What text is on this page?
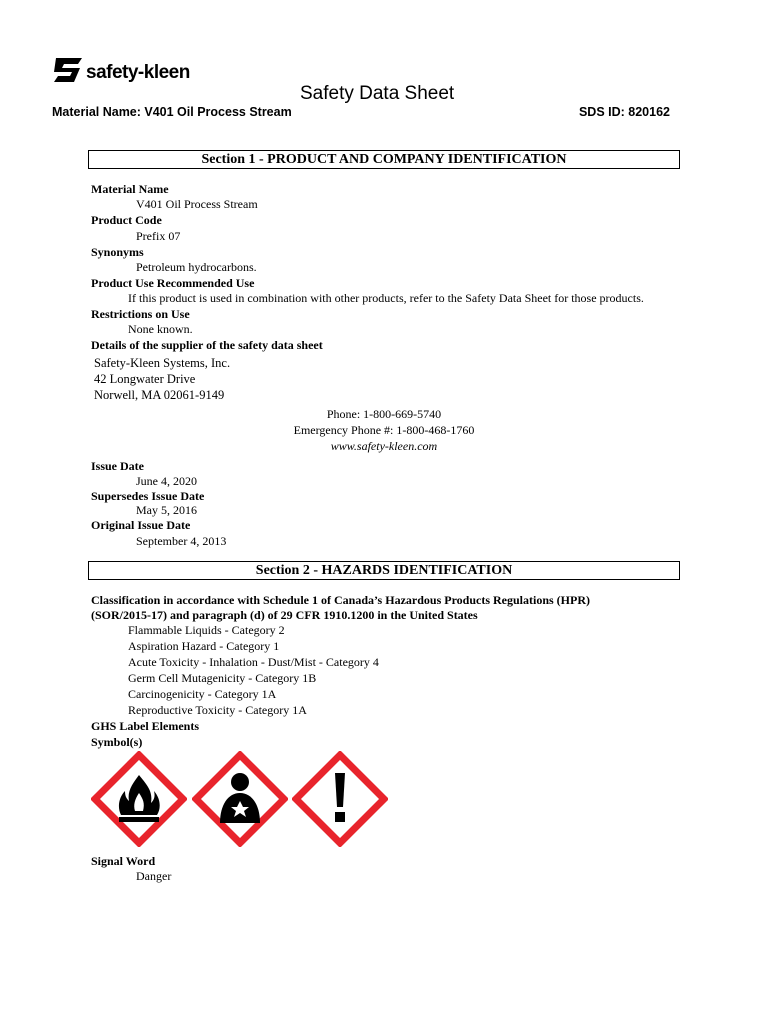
safety-kleen
Safety Data Sheet
Material Name: V401 Oil Process Stream	SDS ID: 820162
Section 1 - PRODUCT AND COMPANY IDENTIFICATION
Material Name
V401 Oil Process Stream
Product Code
Prefix 07
Synonyms
Petroleum hydrocarbons.
Product Use Recommended Use
If this product is used in combination with other products, refer to the Safety Data Sheet for those products.
Restrictions on Use
None known.
Details of the supplier of the safety data sheet
Safety-Kleen Systems, Inc.
42 Longwater Drive
Norwell, MA 02061-9149
Phone: 1-800-669-5740
Emergency Phone #: 1-800-468-1760
www.safety-kleen.com
Issue Date
June 4, 2020
Supersedes Issue Date
May 5, 2016
Original Issue Date
September 4, 2013
Section 2 - HAZARDS IDENTIFICATION
Classification in accordance with Schedule 1 of Canada’s Hazardous Products Regulations (HPR)
(SOR/2015-17) and paragraph (d) of 29 CFR 1910.1200 in the United States
Flammable Liquids - Category 2
Aspiration Hazard - Category 1
Acute Toxicity - Inhalation - Dust/Mist - Category 4
Germ Cell Mutagenicity - Category 1B
Carcinogenicity - Category 1A
Reproductive Toxicity - Category 1A
GHS Label Elements
Symbol(s)
Signal Word
Danger
